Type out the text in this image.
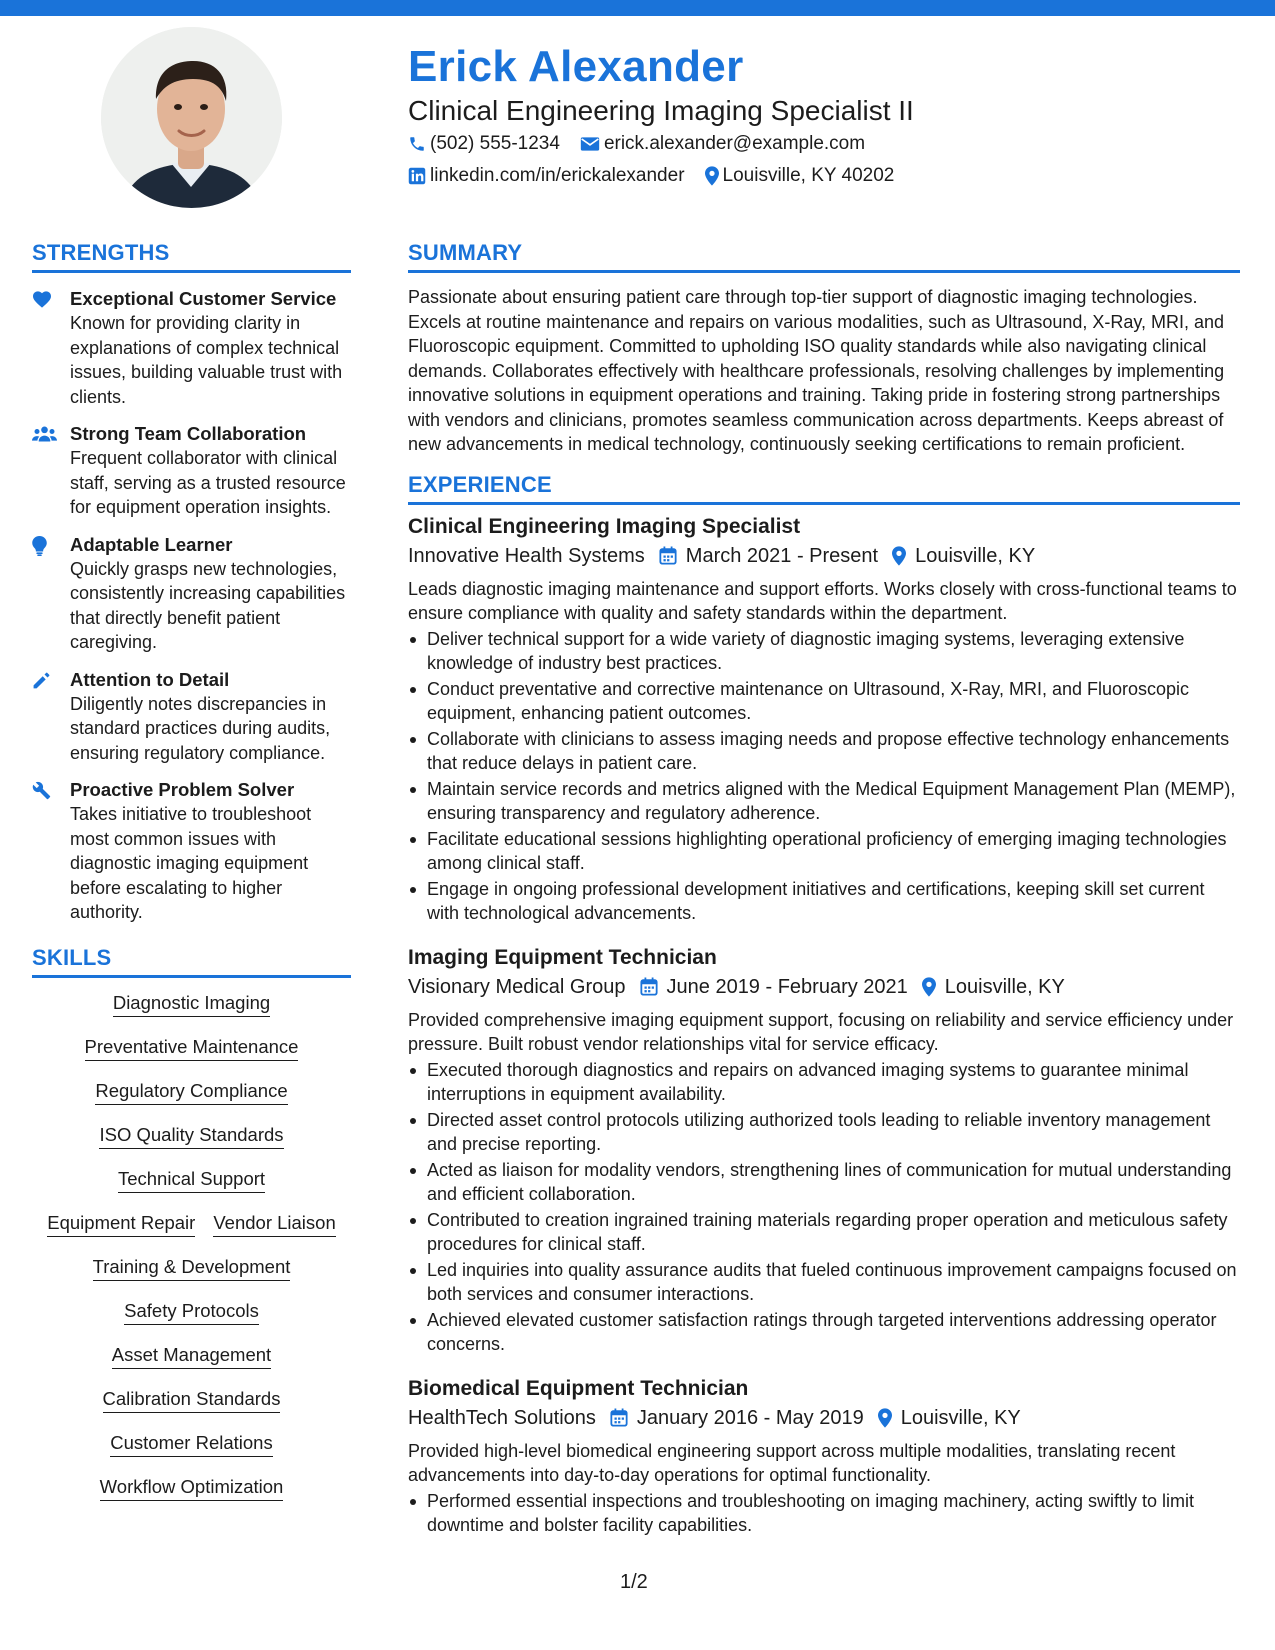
Erick Alexander
Clinical Engineering Imaging Specialist II
(502) 555-1234 erick.alexander@example.com
linkedin.com/in/erickalexander Louisville, KY 40202
STRENGTHS
Exceptional Customer Service
Known for providing clarity in explanations of complex technical issues, building valuable trust with clients.
Strong Team Collaboration
Frequent collaborator with clinical staff, serving as a trusted resource for equipment operation insights.
Adaptable Learner
Quickly grasps new technologies, consistently increasing capabilities that directly benefit patient caregiving.
Attention to Detail
Diligently notes discrepancies in standard practices during audits, ensuring regulatory compliance.
Proactive Problem Solver
Takes initiative to troubleshoot most common issues with diagnostic imaging equipment before escalating to higher authority.
SKILLS
Diagnostic Imaging
Preventative Maintenance
Regulatory Compliance
ISO Quality Standards
Technical Support
Equipment Repair Vendor Liaison
Training & Development
Safety Protocols
Asset Management
Calibration Standards
Customer Relations
Workflow Optimization
SUMMARY

Passionate about ensuring patient care through top-tier support of diagnostic imaging technologies. Excels at routine maintenance and repairs on various modalities, such as Ultrasound, X-Ray, MRI, and Fluoroscopic equipment. Committed to upholding ISO quality standards while also navigating clinical demands. Collaborates effectively with healthcare professionals, resolving challenges by implementing innovative solutions in equipment operations and training. Taking pride in fostering strong partnerships with vendors and clinicians, promotes seamless communication across departments. Keeps abreast of new advancements in medical technology, continuously seeking certifications to remain proficient.

EXPERIENCE
Clinical Engineering Imaging Specialist
Innovative Health Systems March 2021 - Present Louisville, KY
Leads diagnostic imaging maintenance and support efforts. Works closely with cross-functional teams to ensure compliance with quality and safety standards within the department.
Deliver technical support for a wide variety of diagnostic imaging systems, leveraging extensive knowledge of industry best practices.
Conduct preventative and corrective maintenance on Ultrasound, X-Ray, MRI, and Fluoroscopic equipment, enhancing patient outcomes.
Collaborate with clinicians to assess imaging needs and propose effective technology enhancements that reduce delays in patient care.
Maintain service records and metrics aligned with the Medical Equipment Management Plan (MEMP), ensuring transparency and regulatory adherence.
Facilitate educational sessions highlighting operational proficiency of emerging imaging technologies among clinical staff.
Engage in ongoing professional development initiatives and certifications, keeping skill set current with technological advancements.
Imaging Equipment Technician
Visionary Medical Group June 2019 - February 2021 Louisville, KY
Provided comprehensive imaging equipment support, focusing on reliability and service efficiency under pressure. Built robust vendor relationships vital for service efficacy.
Executed thorough diagnostics and repairs on advanced imaging systems to guarantee minimal interruptions in equipment availability.
Directed asset control protocols utilizing authorized tools leading to reliable inventory management and precise reporting.
Acted as liaison for modality vendors, strengthening lines of communication for mutual understanding and efficient collaboration.
Contributed to creation ingrained training materials regarding proper operation and meticulous safety procedures for clinical staff.
Led inquiries into quality assurance audits that fueled continuous improvement campaigns focused on both services and consumer interactions.
Achieved elevated customer satisfaction ratings through targeted interventions addressing operator concerns.
Biomedical Equipment Technician
HealthTech Solutions January 2016 - May 2019 Louisville, KY
Provided high-level biomedical engineering support across multiple modalities, translating recent advancements into day-to-day operations for optimal functionality.
Performed essential inspections and troubleshooting on imaging machinery, acting swiftly to limit downtime and bolster facility capabilities.
1/2
